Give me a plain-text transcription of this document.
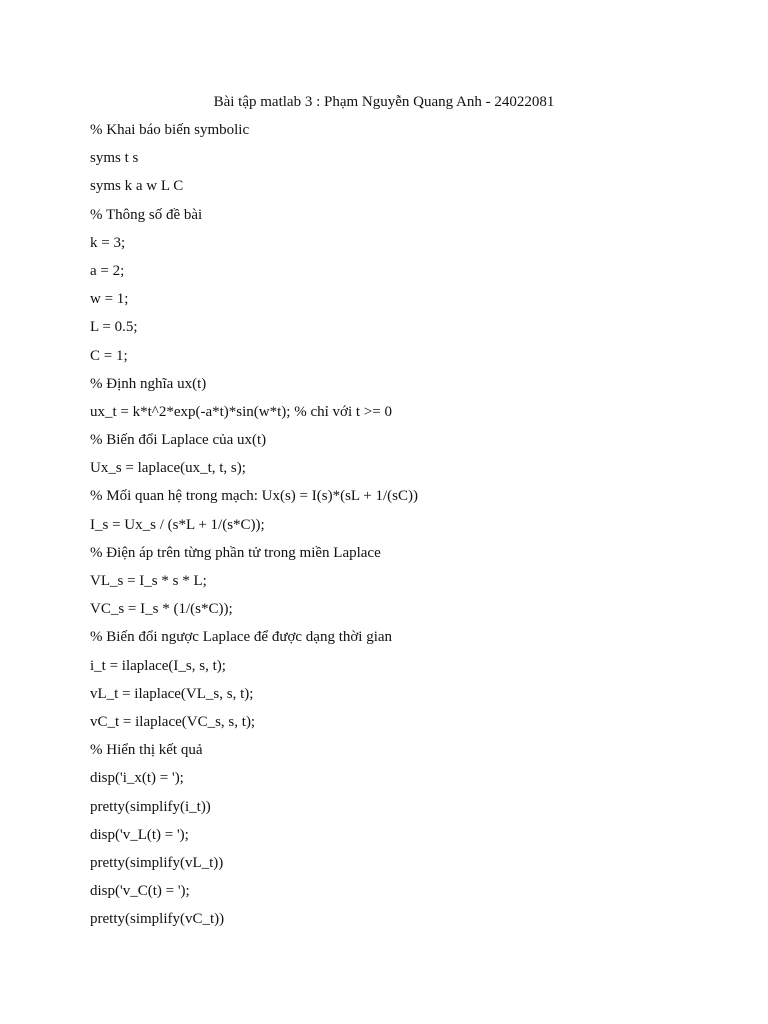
Bài tập matlab 3 : Phạm Nguyễn Quang Anh - 24022081
% Khai báo biến symbolic
syms t s
syms k a w L C
% Thông số đề bài
k = 3;
a = 2;
w = 1;
L = 0.5;
C = 1;
% Định nghĩa ux(t)
ux_t = k*t^2*exp(-a*t)*sin(w*t); % chỉ với t >= 0
% Biến đổi Laplace của ux(t)
Ux_s = laplace(ux_t, t, s);
% Mối quan hệ trong mạch: Ux(s) = I(s)*(sL + 1/(sC))
I_s = Ux_s / (s*L + 1/(s*C));
% Điện áp trên từng phần tử trong miền Laplace
VL_s = I_s * s * L;
VC_s = I_s * (1/(s*C));
% Biến đổi ngược Laplace để được dạng thời gian
i_t = ilaplace(I_s, s, t);
vL_t = ilaplace(VL_s, s, t);
vC_t = ilaplace(VC_s, s, t);
% Hiển thị kết quả
disp('i_x(t) = ');
pretty(simplify(i_t))
disp('v_L(t) = ');
pretty(simplify(vL_t))
disp('v_C(t) = ');
pretty(simplify(vC_t))
